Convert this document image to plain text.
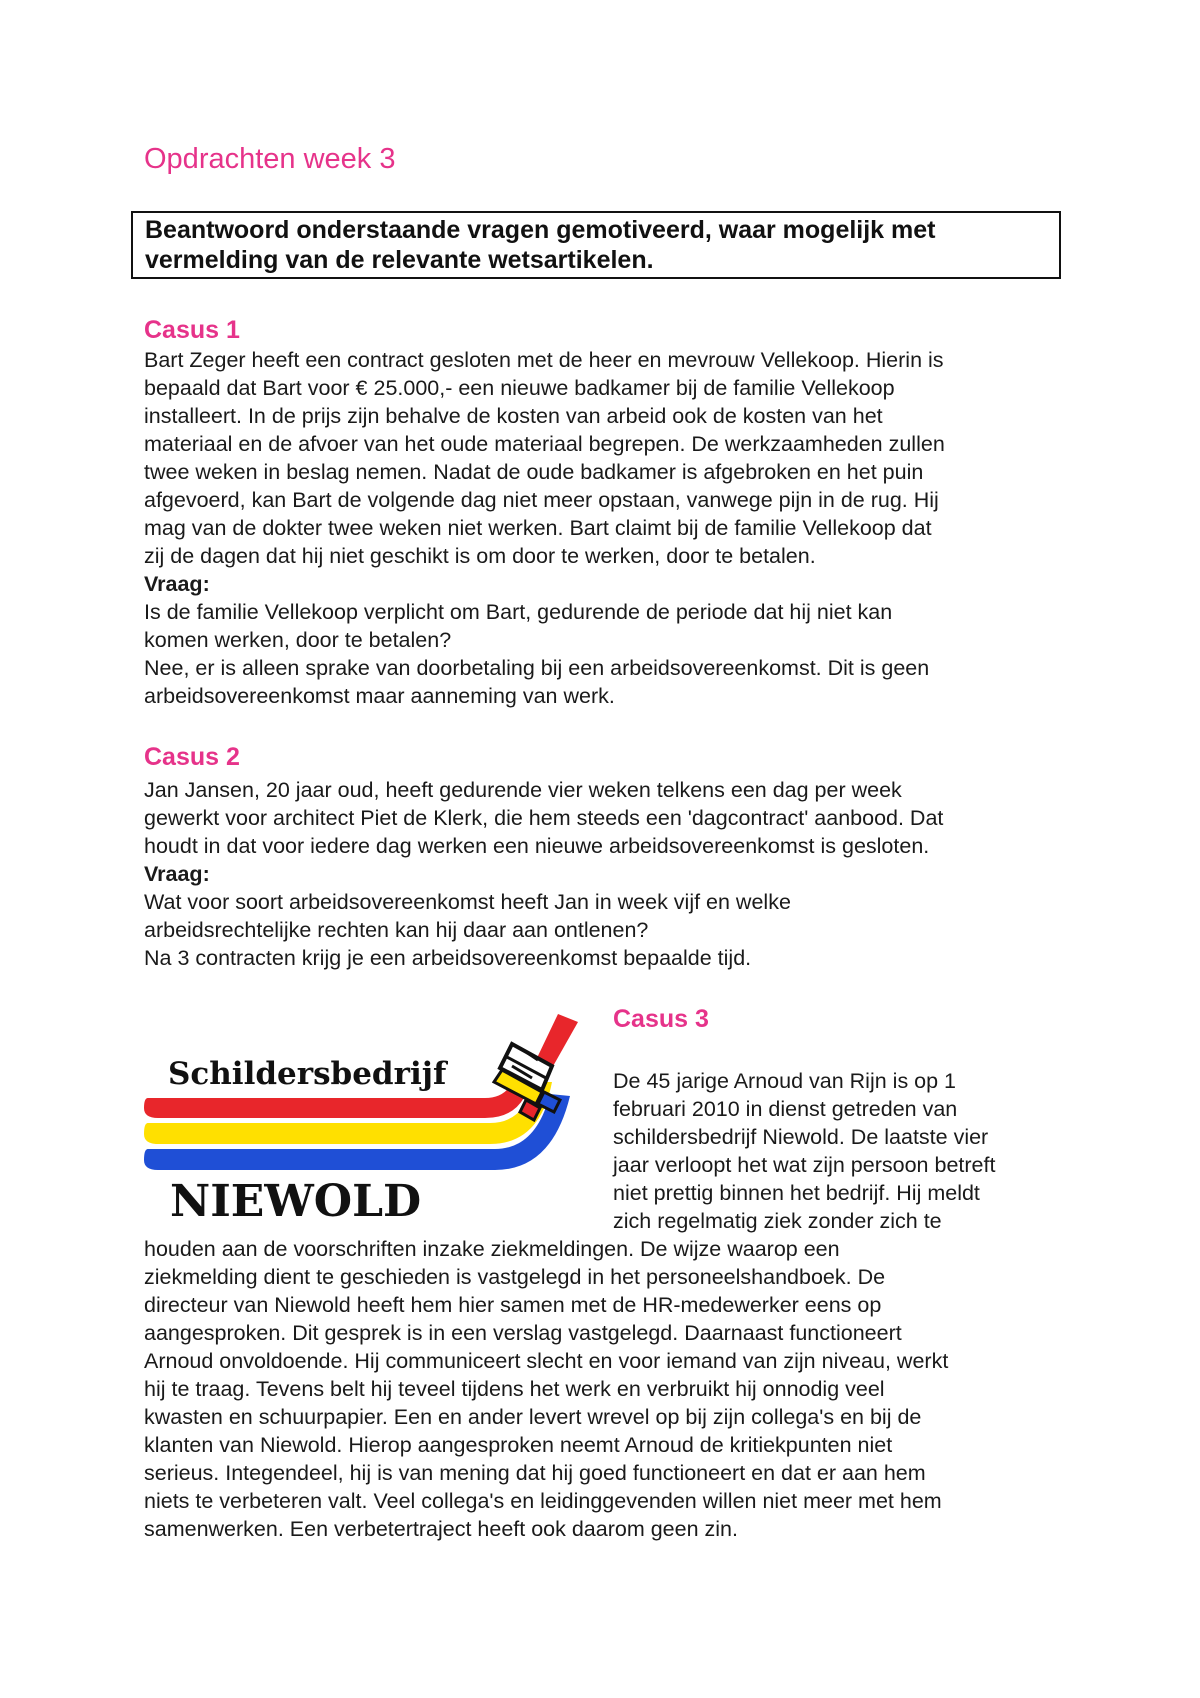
Opdrachten week 3
Beantwoord onderstaande vragen gemotiveerd, waar mogelijk met
vermelding van de relevante wetsartikelen.
Casus 1
Bart Zeger heeft een contract gesloten met de heer en mevrouw Vellekoop. Hierin is
bepaald dat Bart voor € 25.000,- een nieuwe badkamer bij de familie Vellekoop
installeert. In de prijs zijn behalve de kosten van arbeid ook de kosten van het
materiaal en de afvoer van het oude materiaal begrepen. De werkzaamheden zullen
twee weken in beslag nemen. Nadat de oude badkamer is afgebroken en het puin
afgevoerd, kan Bart de volgende dag niet meer opstaan, vanwege pijn in de rug. Hij
mag van de dokter twee weken niet werken. Bart claimt bij de familie Vellekoop dat
zij de dagen dat hij niet geschikt is om door te werken, door te betalen.
Vraag:
Is de familie Vellekoop verplicht om Bart, gedurende de periode dat hij niet kan
komen werken, door te betalen?
Nee, er is alleen sprake van doorbetaling bij een arbeidsovereenkomst. Dit is geen
arbeidsovereenkomst maar aanneming van werk.
Casus 2
Jan Jansen, 20 jaar oud, heeft gedurende vier weken telkens een dag per week
gewerkt voor architect Piet de Klerk, die hem steeds een 'dagcontract' aanbood. Dat
houdt in dat voor iedere dag werken een nieuwe arbeidsovereenkomst is gesloten.
Vraag:
Wat voor soort arbeidsovereenkomst heeft Jan in week vijf en welke
arbeidsrechtelijke rechten kan hij daar aan ontlenen?
Na 3 contracten krijg je een arbeidsovereenkomst bepaalde tijd.
Casus 3
De 45 jarige Arnoud van Rijn is op 1
februari 2010 in dienst getreden van
schildersbedrijf Niewold. De laatste vier
jaar verloopt het wat zijn persoon betreft
niet prettig binnen het bedrijf. Hij meldt
zich regelmatig ziek zonder zich te
houden aan de voorschriften inzake ziekmeldingen. De wijze waarop een
ziekmelding dient te geschieden is vastgelegd in het personeelshandboek. De
directeur van Niewold heeft hem hier samen met de HR-medewerker eens op
aangesproken. Dit gesprek is in een verslag vastgelegd. Daarnaast functioneert
Arnoud onvoldoende. Hij communiceert slecht en voor iemand van zijn niveau, werkt
hij te traag. Tevens belt hij teveel tijdens het werk en verbruikt hij onnodig veel
kwasten en schuurpapier. Een en ander levert wrevel op bij zijn collega's en bij de
klanten van Niewold. Hierop aangesproken neemt Arnoud de kritiekpunten niet
serieus. Integendeel, hij is van mening dat hij goed functioneert en dat er aan hem
niets te verbeteren valt. Veel collega's en leidinggevenden willen niet meer met hem
samenwerken. Een verbetertraject heeft ook daarom geen zin.
Schildersbedrijf
NIEWOLD
